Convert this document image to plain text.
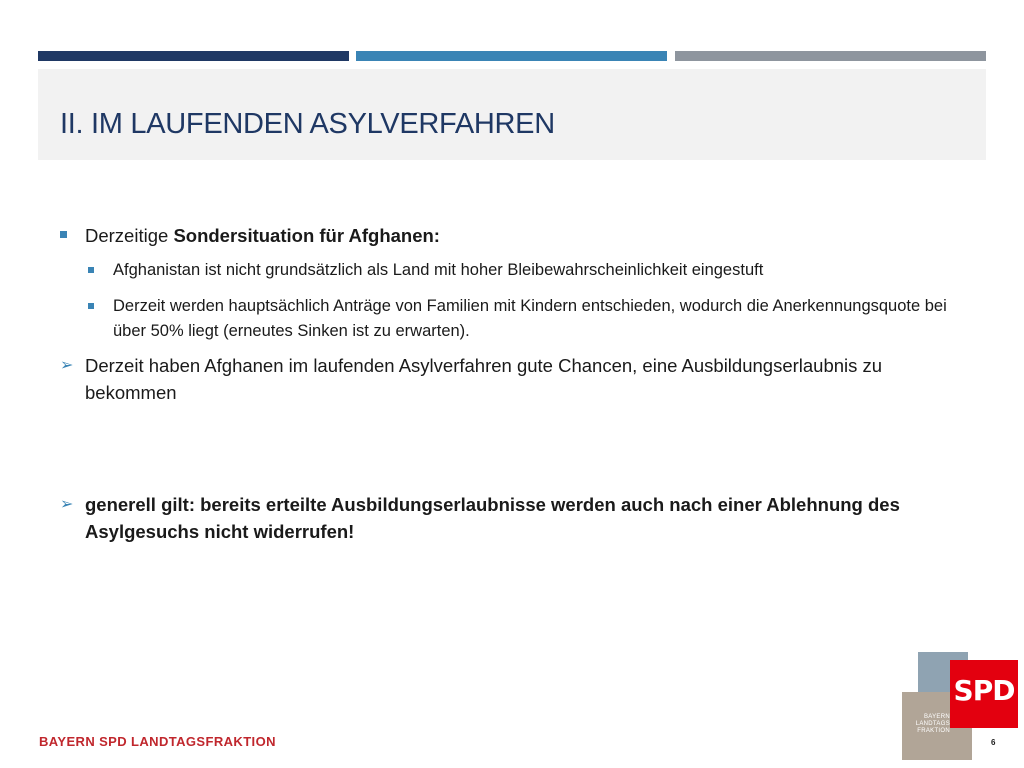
II. IM LAUFENDEN ASYLVERFAHREN
Derzeitige Sondersituation für Afghanen:
Afghanistan ist nicht grundsätzlich als Land mit hoher Bleibewahrscheinlichkeit eingestuft
Derzeit werden hauptsächlich Anträge von Familien mit Kindern entschieden, wodurch die Anerkennungsquote bei über 50% liegt (erneutes Sinken ist zu erwarten).
➢ Derzeit haben Afghanen im laufenden Asylverfahren gute Chancen, eine Ausbildungserlaubnis zu bekommen
➢ generell gilt: bereits erteilte Ausbildungserlaubnisse werden auch nach einer Ablehnung des Asylgesuchs nicht widerrufen!
BAYERN SPD LANDTAGSFRAKTION	6
SPD
BAYERN
LANDTAGS
FRAKTION
